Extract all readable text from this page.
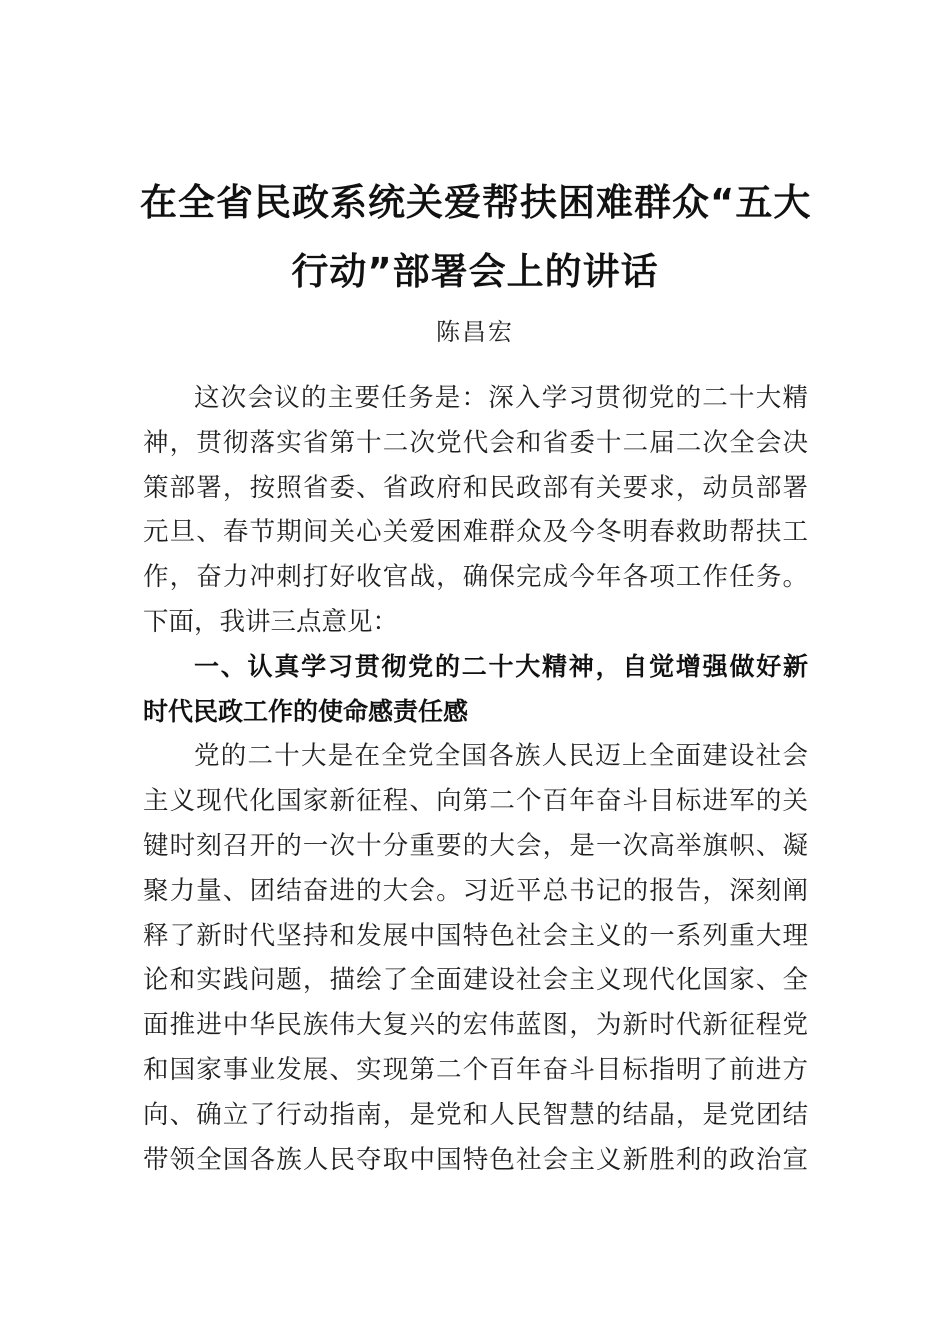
在全省民政系统关爱帮扶困难群众“五大
行动”部署会上的讲话
陈昌宏
这次会议的主要任务是：深入学习贯彻党的二十大精
神，贯彻落实省第十二次党代会和省委十二届二次全会决
策部署，按照省委、省政府和民政部有关要求，动员部署
元旦、春节期间关心关爱困难群众及今冬明春救助帮扶工
作，奋力冲刺打好收官战，确保完成今年各项工作任务。
下面，我讲三点意见：
一、认真学习贯彻党的二十大精神，自觉增强做好新
时代民政工作的使命感责任感
党的二十大是在全党全国各族人民迈上全面建设社会
主义现代化国家新征程、向第二个百年奋斗目标进军的关
键时刻召开的一次十分重要的大会，是一次高举旗帜、凝
聚力量、团结奋进的大会。习近平总书记的报告，深刻阐
释了新时代坚持和发展中国特色社会主义的一系列重大理
论和实践问题，描绘了全面建设社会主义现代化国家、全
面推进中华民族伟大复兴的宏伟蓝图，为新时代新征程党
和国家事业发展、实现第二个百年奋斗目标指明了前进方
向、确立了行动指南，是党和人民智慧的结晶，是党团结
带领全国各族人民夺取中国特色社会主义新胜利的政治宣
